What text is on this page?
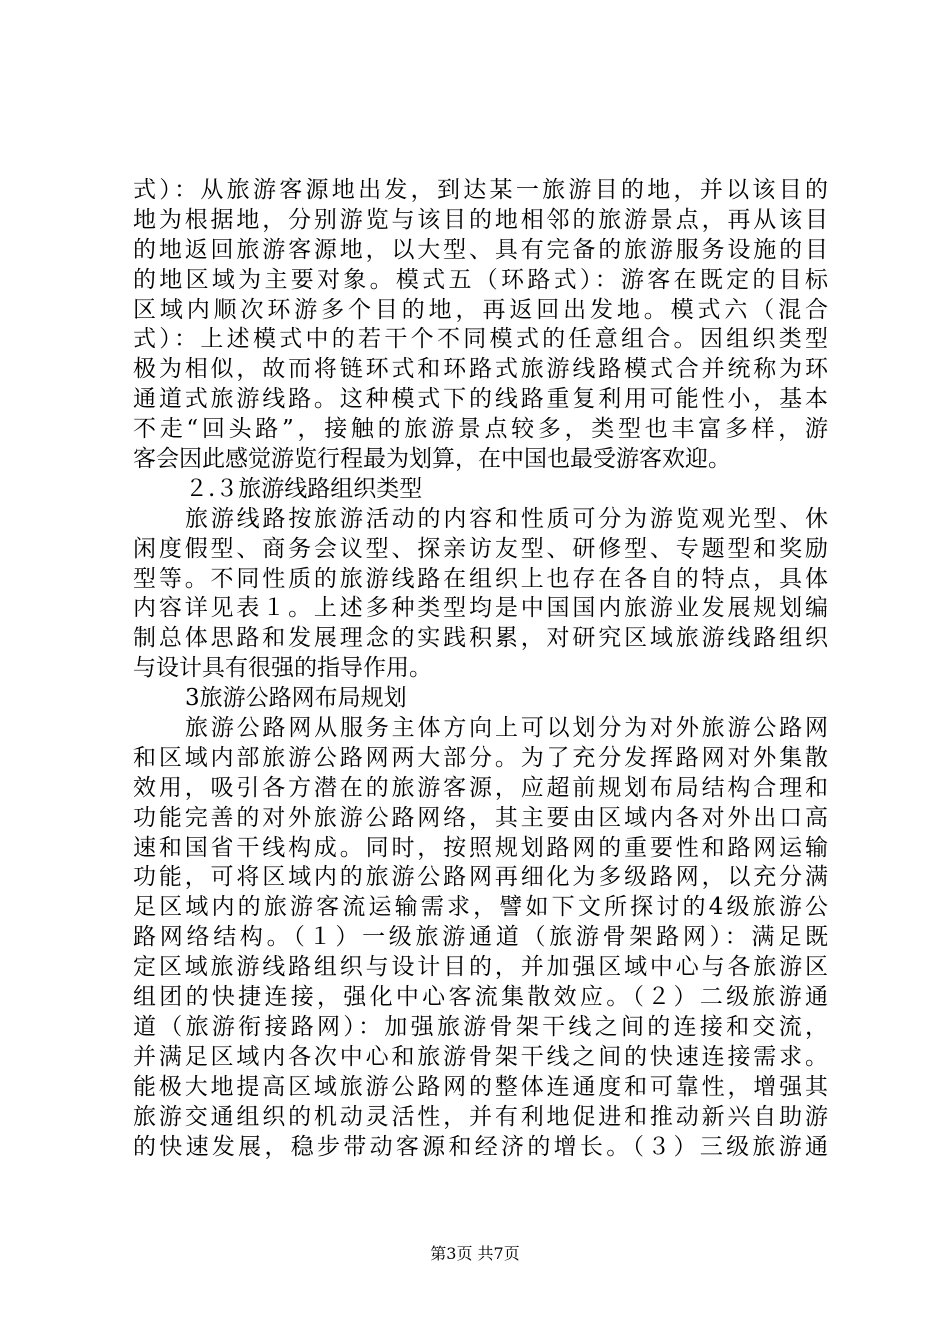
式）：从旅游客源地出发，到达某一旅游目的地，并以该目的
地为根据地，分别游览与该目的地相邻的旅游景点，再从该目
的地返回旅游客源地，以大型、具有完备的旅游服务设施的目
的地区域为主要对象。模式五（环路式）：游客在既定的目标
区域内顺次环游多个目的地，再返回出发地。模式六（混合
式）：上述模式中的若干个不同模式的任意组合。因组织类型
极为相似，故而将链环式和环路式旅游线路模式合并统称为环
通道式旅游线路。这种模式下的线路重复利用可能性小，基本
不走“回头路”，接触的旅游景点较多，类型也丰富多样，游
客会因此感觉游览行程最为划算，在中国也最受游客欢迎。
２.３旅游线路组织类型
旅游线路按旅游活动的内容和性质可分为游览观光型、休
闲度假型、商务会议型、探亲访友型、研修型、专题型和奖励
型等。不同性质的旅游线路在组织上也存在各自的特点，具体
内容详见表１。上述多种类型均是中国国内旅游业发展规划编
制总体思路和发展理念的实践积累，对研究区域旅游线路组织
与设计具有很强的指导作用。
3旅游公路网布局规划
旅游公路网从服务主体方向上可以划分为对外旅游公路网
和区域内部旅游公路网两大部分。为了充分发挥路网对外集散
效用，吸引各方潜在的旅游客源，应超前规划布局结构合理和
功能完善的对外旅游公路网络，其主要由区域内各对外出口高
速和国省干线构成。同时，按照规划路网的重要性和路网运输
功能，可将区域内的旅游公路网再细化为多级路网，以充分满
足区域内的旅游客流运输需求，譬如下文所探讨的4级旅游公
路网络结构。（１）一级旅游通道（旅游骨架路网）：满足既
定区域旅游线路组织与设计目的，并加强区域中心与各旅游区
组团的快捷连接，强化中心客流集散效应。（２）二级旅游通
道（旅游衔接路网）：加强旅游骨架干线之间的连接和交流，
并满足区域内各次中心和旅游骨架干线之间的快速连接需求。
能极大地提高区域旅游公路网的整体连通度和可靠性，增强其
旅游交通组织的机动灵活性，并有利地促进和推动新兴自助游
的快速发展，稳步带动客源和经济的增长。（３）三级旅游通
第3页 共7页
